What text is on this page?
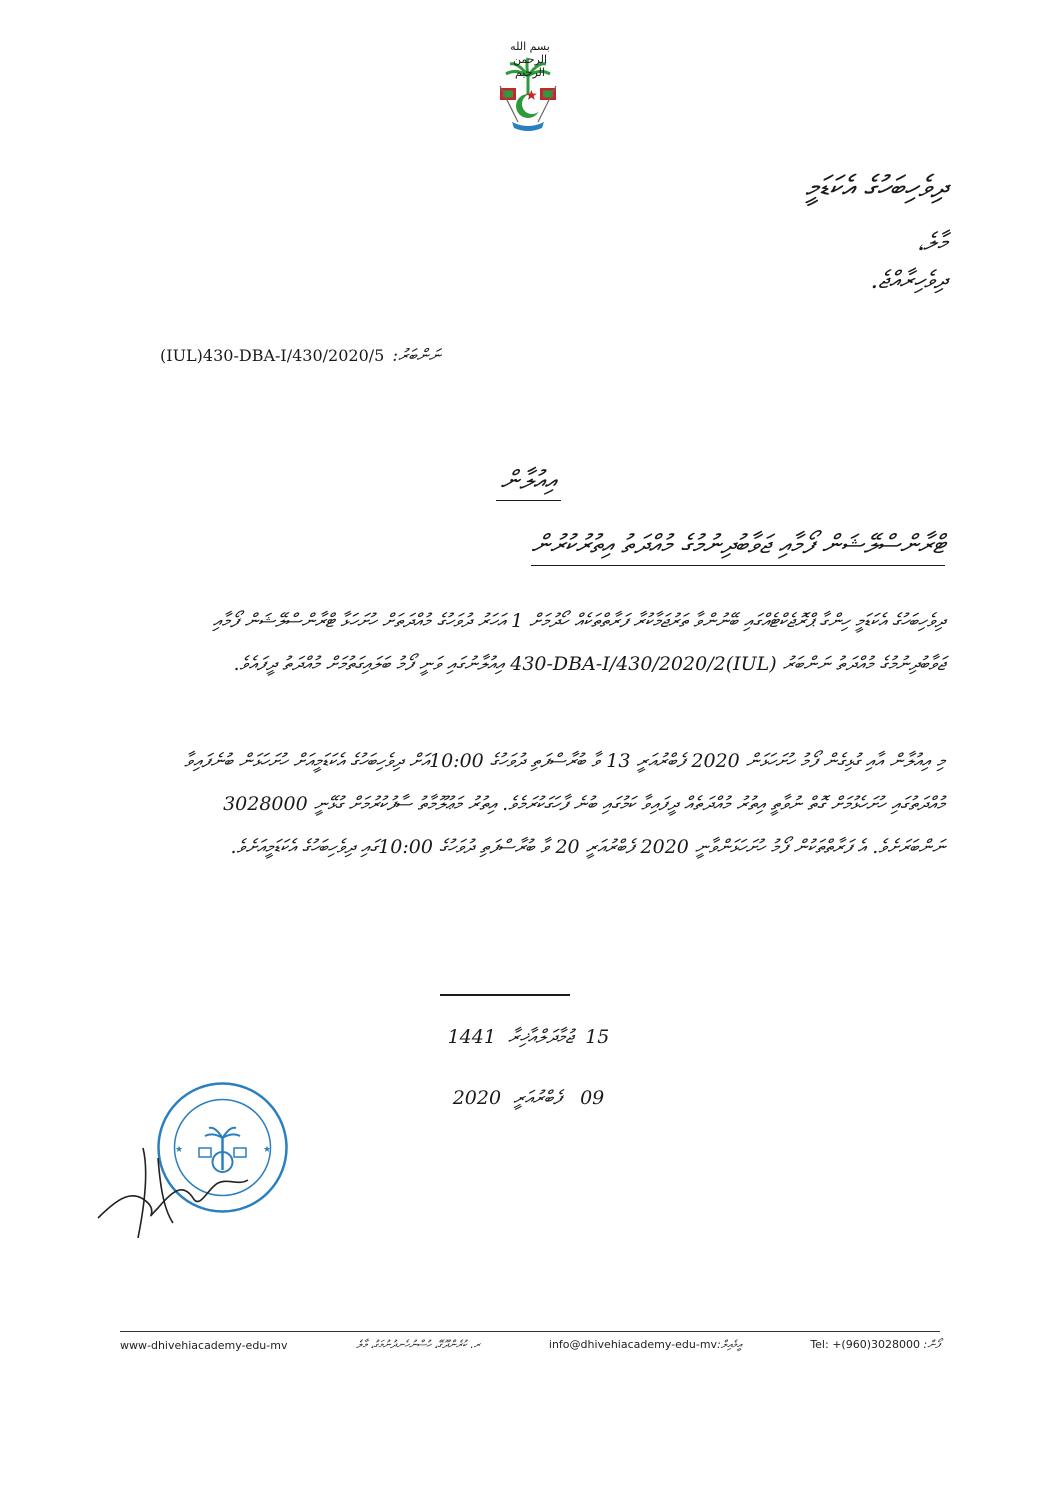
بسم الله الرحمن الرحيم
ދިވެހިބަހުގެ އެކަޑަމީ
މާލެ،
ދިވެހިރާއްޖެ.
(IUL)430-DBA-I/430/2020/5 ނަންބަރު:
އިއުލާން
ޓްރާންސްލޭޝަން ފޯމާއި ޖަވާބުދިނުމުގެ މުއްދަތު އިތުރުކުރުން
ދިވެހިބަހުގެ އެކަޑަމީ ހިންގާ ޕްރޮޖެކްޓެއްގައި ބޭނުންވާ ތަރުޖަމާކުރާ ފަރާތްތަކެއް ހޯދުމަށް 1 އަހަރު ދުވަހުގެ މުއްދަތަށް ހުށަހަޅާ ޓްރާންސްލޭޝަން ފޯމާއި ޖަވާބުދިނުމުގެ މުއްދަތު ނަންބަރު (IUL)430-DBA-I/430/2020/2 އިއުލާނުގައި ވަނީ ފޯމު ބަލައިގަތުމަށް މުއްދަތު ދީފައެވެ.
މި އިއުލާން އާއި ގުޅިގެން ފޯމު ހުށަހަޅަން 2020 ފެބްރުއަރީ 13 ވާ ބުރާސްފަތި ދުވަހުގެ 10:00އަށް ދިވެހިބަހުގެ އެކަޑަމީއަށް ހުށަހަޅަން ބުނެފައިވާ މުއްދަތުގައި ހުށަހެޅުމަށް ގޮތް ނުވާތީ އިތުރު މުއްދަތެއް ދީފައިވާ ކަމުގައި ބުނެ ފާހަގަކުރަމެވެ. އިތުރު މަޢުލޫމާތު ސާފުކުރުމަށް ގުޅޭނީ 3028000 ނަންބަރަށެވެ. އެ ފަރާތްތަކުން ފޯމު ހުށަހަޅަންވާނީ 2020 ފެބްރުއަރީ 20 ވާ ބުރާސްފަތި ދުވަހުގެ 10:00ގައި ދިވެހިބަހުގެ އެކަޑަމީއަށެވެ.
1441 ޖުމާދަލްއާޚިރާ 15
2020 ފެބްރުއަރީ 09
★	★
www-dhivehiacademy-edu-mv	ރ. ކުރެންދޫގޭ، ހުސްނުހެނދުނުމަގު، މާލެ	info@dhivehiacademy-edu-mvއީމެއިލް:	Tel: +(960)3028000 ފޯން:
